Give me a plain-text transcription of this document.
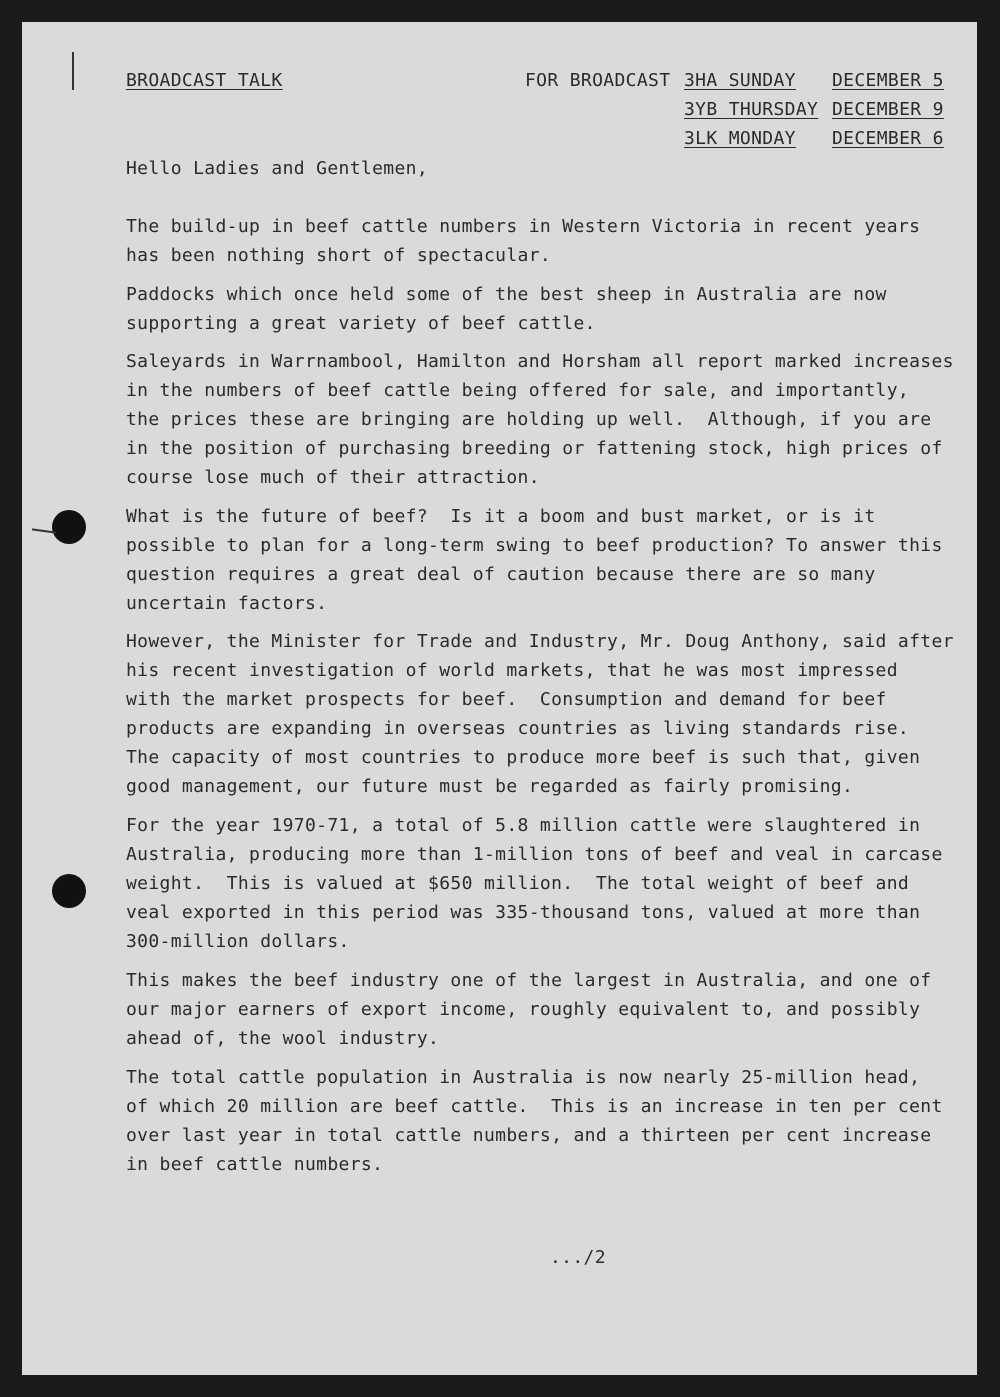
BROADCAST TALK	FOR BROADCAST 3HA SUNDAY DECEMBER 5
3YB THURSDAY DECEMBER 9
3LK MONDAY DECEMBER 6
Hello Ladies and Gentlemen,
The build-up in beef cattle numbers in Western Victoria in recent years
has been nothing short of spectacular.
Paddocks which once held some of the best sheep in Australia are now
supporting a great variety of beef cattle.
Saleyards in Warrnambool, Hamilton and Horsham all report marked increases
in the numbers of beef cattle being offered for sale, and importantly,
the prices these are bringing are holding up well.  Although, if you are
in the position of purchasing breeding or fattening stock, high prices of
course lose much of their attraction.
What is the future of beef?  Is it a boom and bust market, or is it
possible to plan for a long-term swing to beef production? To answer this
question requires a great deal of caution because there are so many
uncertain factors.
However, the Minister for Trade and Industry, Mr. Doug Anthony, said after
his recent investigation of world markets, that he was most impressed
with the market prospects for beef.  Consumption and demand for beef
products are expanding in overseas countries as living standards rise.
The capacity of most countries to produce more beef is such that, given
good management, our future must be regarded as fairly promising.
For the year 1970-71, a total of 5.8 million cattle were slaughtered in
Australia, producing more than 1-million tons of beef and veal in carcase
weight.  This is valued at $650 million.  The total weight of beef and
veal exported in this period was 335-thousand tons, valued at more than
300-million dollars.
This makes the beef industry one of the largest in Australia, and one of
our major earners of export income, roughly equivalent to, and possibly
ahead of, the wool industry.
The total cattle population in Australia is now nearly 25-million head,
of which 20 million are beef cattle.  This is an increase in ten per cent
over last year in total cattle numbers, and a thirteen per cent increase
in beef cattle numbers.
.../2
